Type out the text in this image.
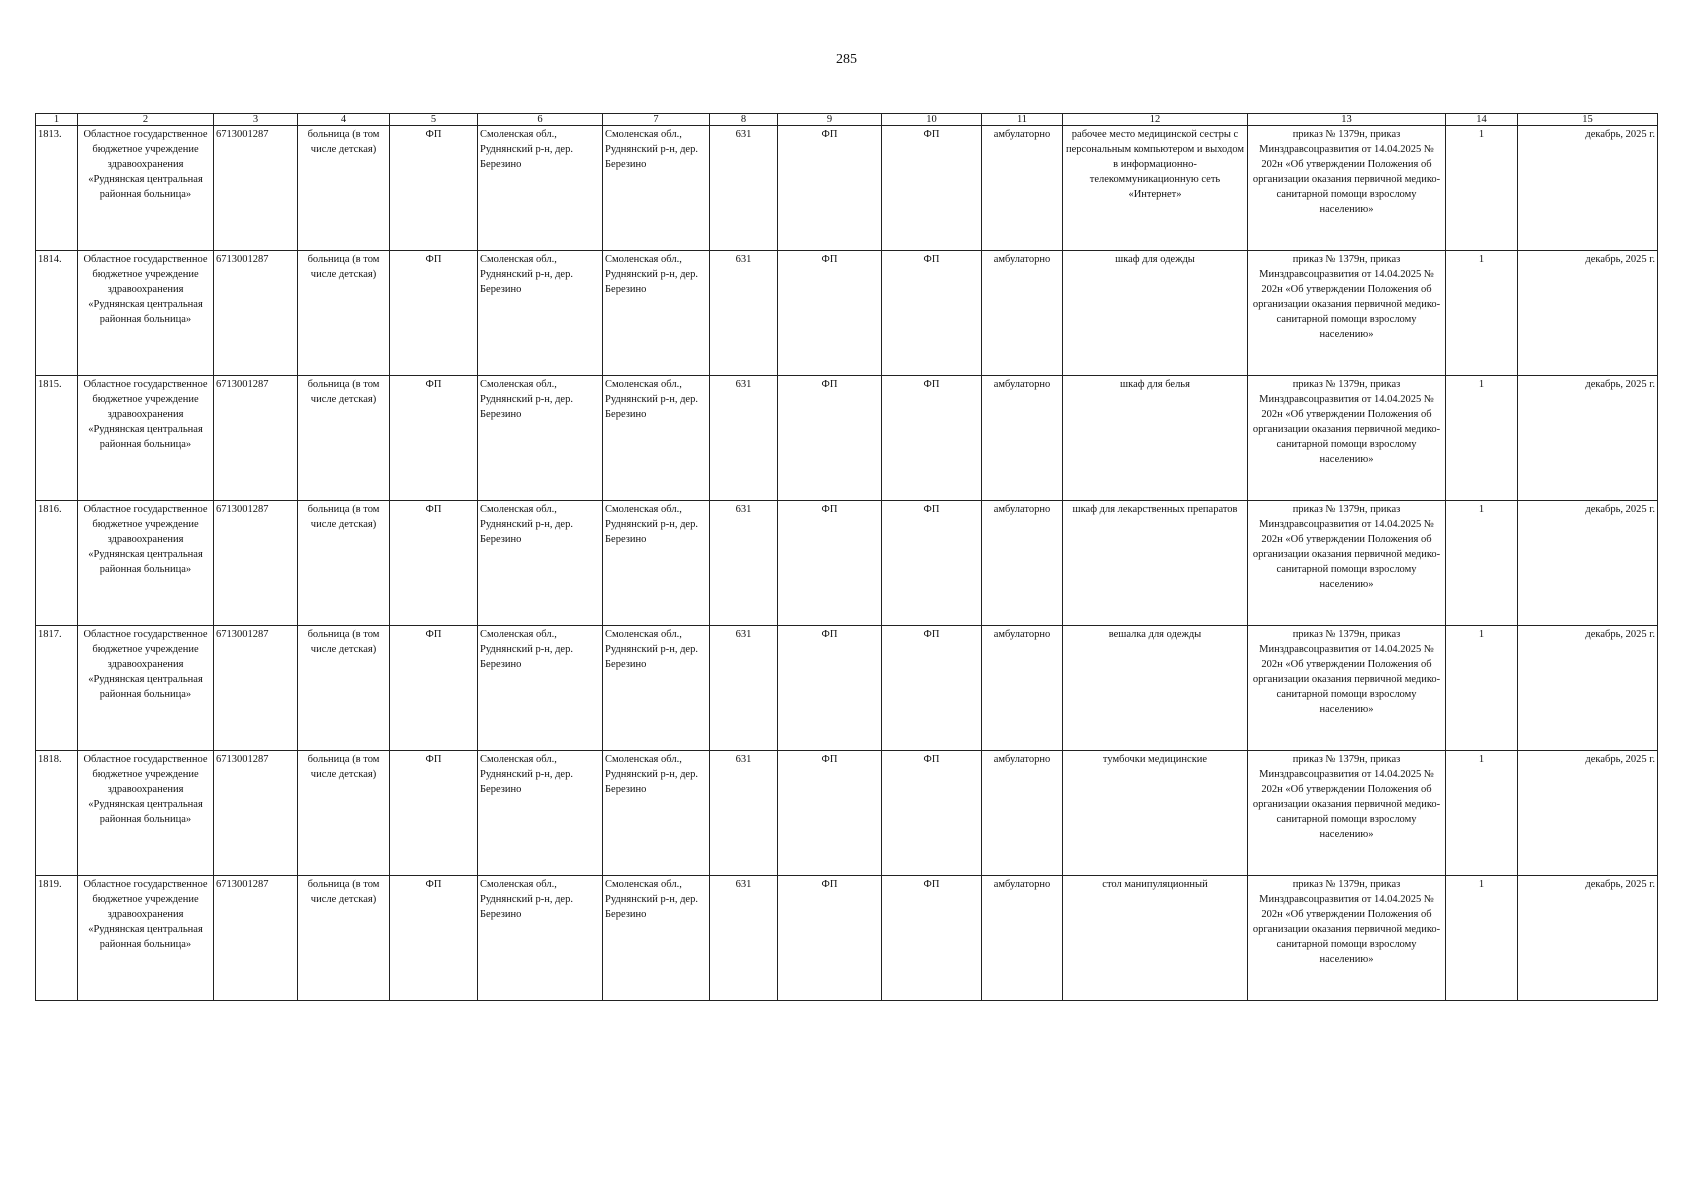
285
1	2	3	4	5	6	7	8	9	10	11	12	13	14	15
1813.	Областное государственное бюджетное учреждение здравоохранения «Руднянская центральная районная больница»	6713001287	больница (в том числе детская)	ФП	Смоленская обл., Руднянский р-н, дер. Березино	Смоленская обл., Руднянский р-н, дер. Березино	631	ФП	ФП	амбулаторно	рабочее место медицинской сестры с персональным компьютером и выходом в информационно-телекоммуникационную сеть «Интернет»	приказ № 1379н, приказ Минздравсоцразвития от 14.04.2025 № 202н «Об утверждении Положения об организации оказания первичной медико-санитарной помощи взрослому населению»	1	декабрь, 2025 г.
1814.	Областное государственное бюджетное учреждение здравоохранения «Руднянская центральная районная больница»	6713001287	больница (в том числе детская)	ФП	Смоленская обл., Руднянский р-н, дер. Березино	Смоленская обл., Руднянский р-н, дер. Березино	631	ФП	ФП	амбулаторно	шкаф для одежды	приказ № 1379н, приказ Минздравсоцразвития от 14.04.2025 № 202н «Об утверждении Положения об организации оказания первичной медико-санитарной помощи взрослому населению»	1	декабрь, 2025 г.
1815.	Областное государственное бюджетное учреждение здравоохранения «Руднянская центральная районная больница»	6713001287	больница (в том числе детская)	ФП	Смоленская обл., Руднянский р-н, дер. Березино	Смоленская обл., Руднянский р-н, дер. Березино	631	ФП	ФП	амбулаторно	шкаф для белья	приказ № 1379н, приказ Минздравсоцразвития от 14.04.2025 № 202н «Об утверждении Положения об организации оказания первичной медико-санитарной помощи взрослому населению»	1	декабрь, 2025 г.
1816.	Областное государственное бюджетное учреждение здравоохранения «Руднянская центральная районная больница»	6713001287	больница (в том числе детская)	ФП	Смоленская обл., Руднянский р-н, дер. Березино	Смоленская обл., Руднянский р-н, дер. Березино	631	ФП	ФП	амбулаторно	шкаф для лекарственных препаратов	приказ № 1379н, приказ Минздравсоцразвития от 14.04.2025 № 202н «Об утверждении Положения об организации оказания первичной медико-санитарной помощи взрослому населению»	1	декабрь, 2025 г.
1817.	Областное государственное бюджетное учреждение здравоохранения «Руднянская центральная районная больница»	6713001287	больница (в том числе детская)	ФП	Смоленская обл., Руднянский р-н, дер. Березино	Смоленская обл., Руднянский р-н, дер. Березино	631	ФП	ФП	амбулаторно	вешалка для одежды	приказ № 1379н, приказ Минздравсоцразвития от 14.04.2025 № 202н «Об утверждении Положения об организации оказания первичной медико-санитарной помощи взрослому населению»	1	декабрь, 2025 г.
1818.	Областное государственное бюджетное учреждение здравоохранения «Руднянская центральная районная больница»	6713001287	больница (в том числе детская)	ФП	Смоленская обл., Руднянский р-н, дер. Березино	Смоленская обл., Руднянский р-н, дер. Березино	631	ФП	ФП	амбулаторно	тумбочки медицинские	приказ № 1379н, приказ Минздравсоцразвития от 14.04.2025 № 202н «Об утверждении Положения об организации оказания первичной медико-санитарной помощи взрослому населению»	1	декабрь, 2025 г.
1819.	Областное государственное бюджетное учреждение здравоохранения «Руднянская центральная районная больница»	6713001287	больница (в том числе детская)	ФП	Смоленская обл., Руднянский р-н, дер. Березино	Смоленская обл., Руднянский р-н, дер. Березино	631	ФП	ФП	амбулаторно	стол манипуляционный	приказ № 1379н, приказ Минздравсоцразвития от 14.04.2025 № 202н «Об утверждении Положения об организации оказания первичной медико-санитарной помощи взрослому населению»	1	декабрь, 2025 г.
